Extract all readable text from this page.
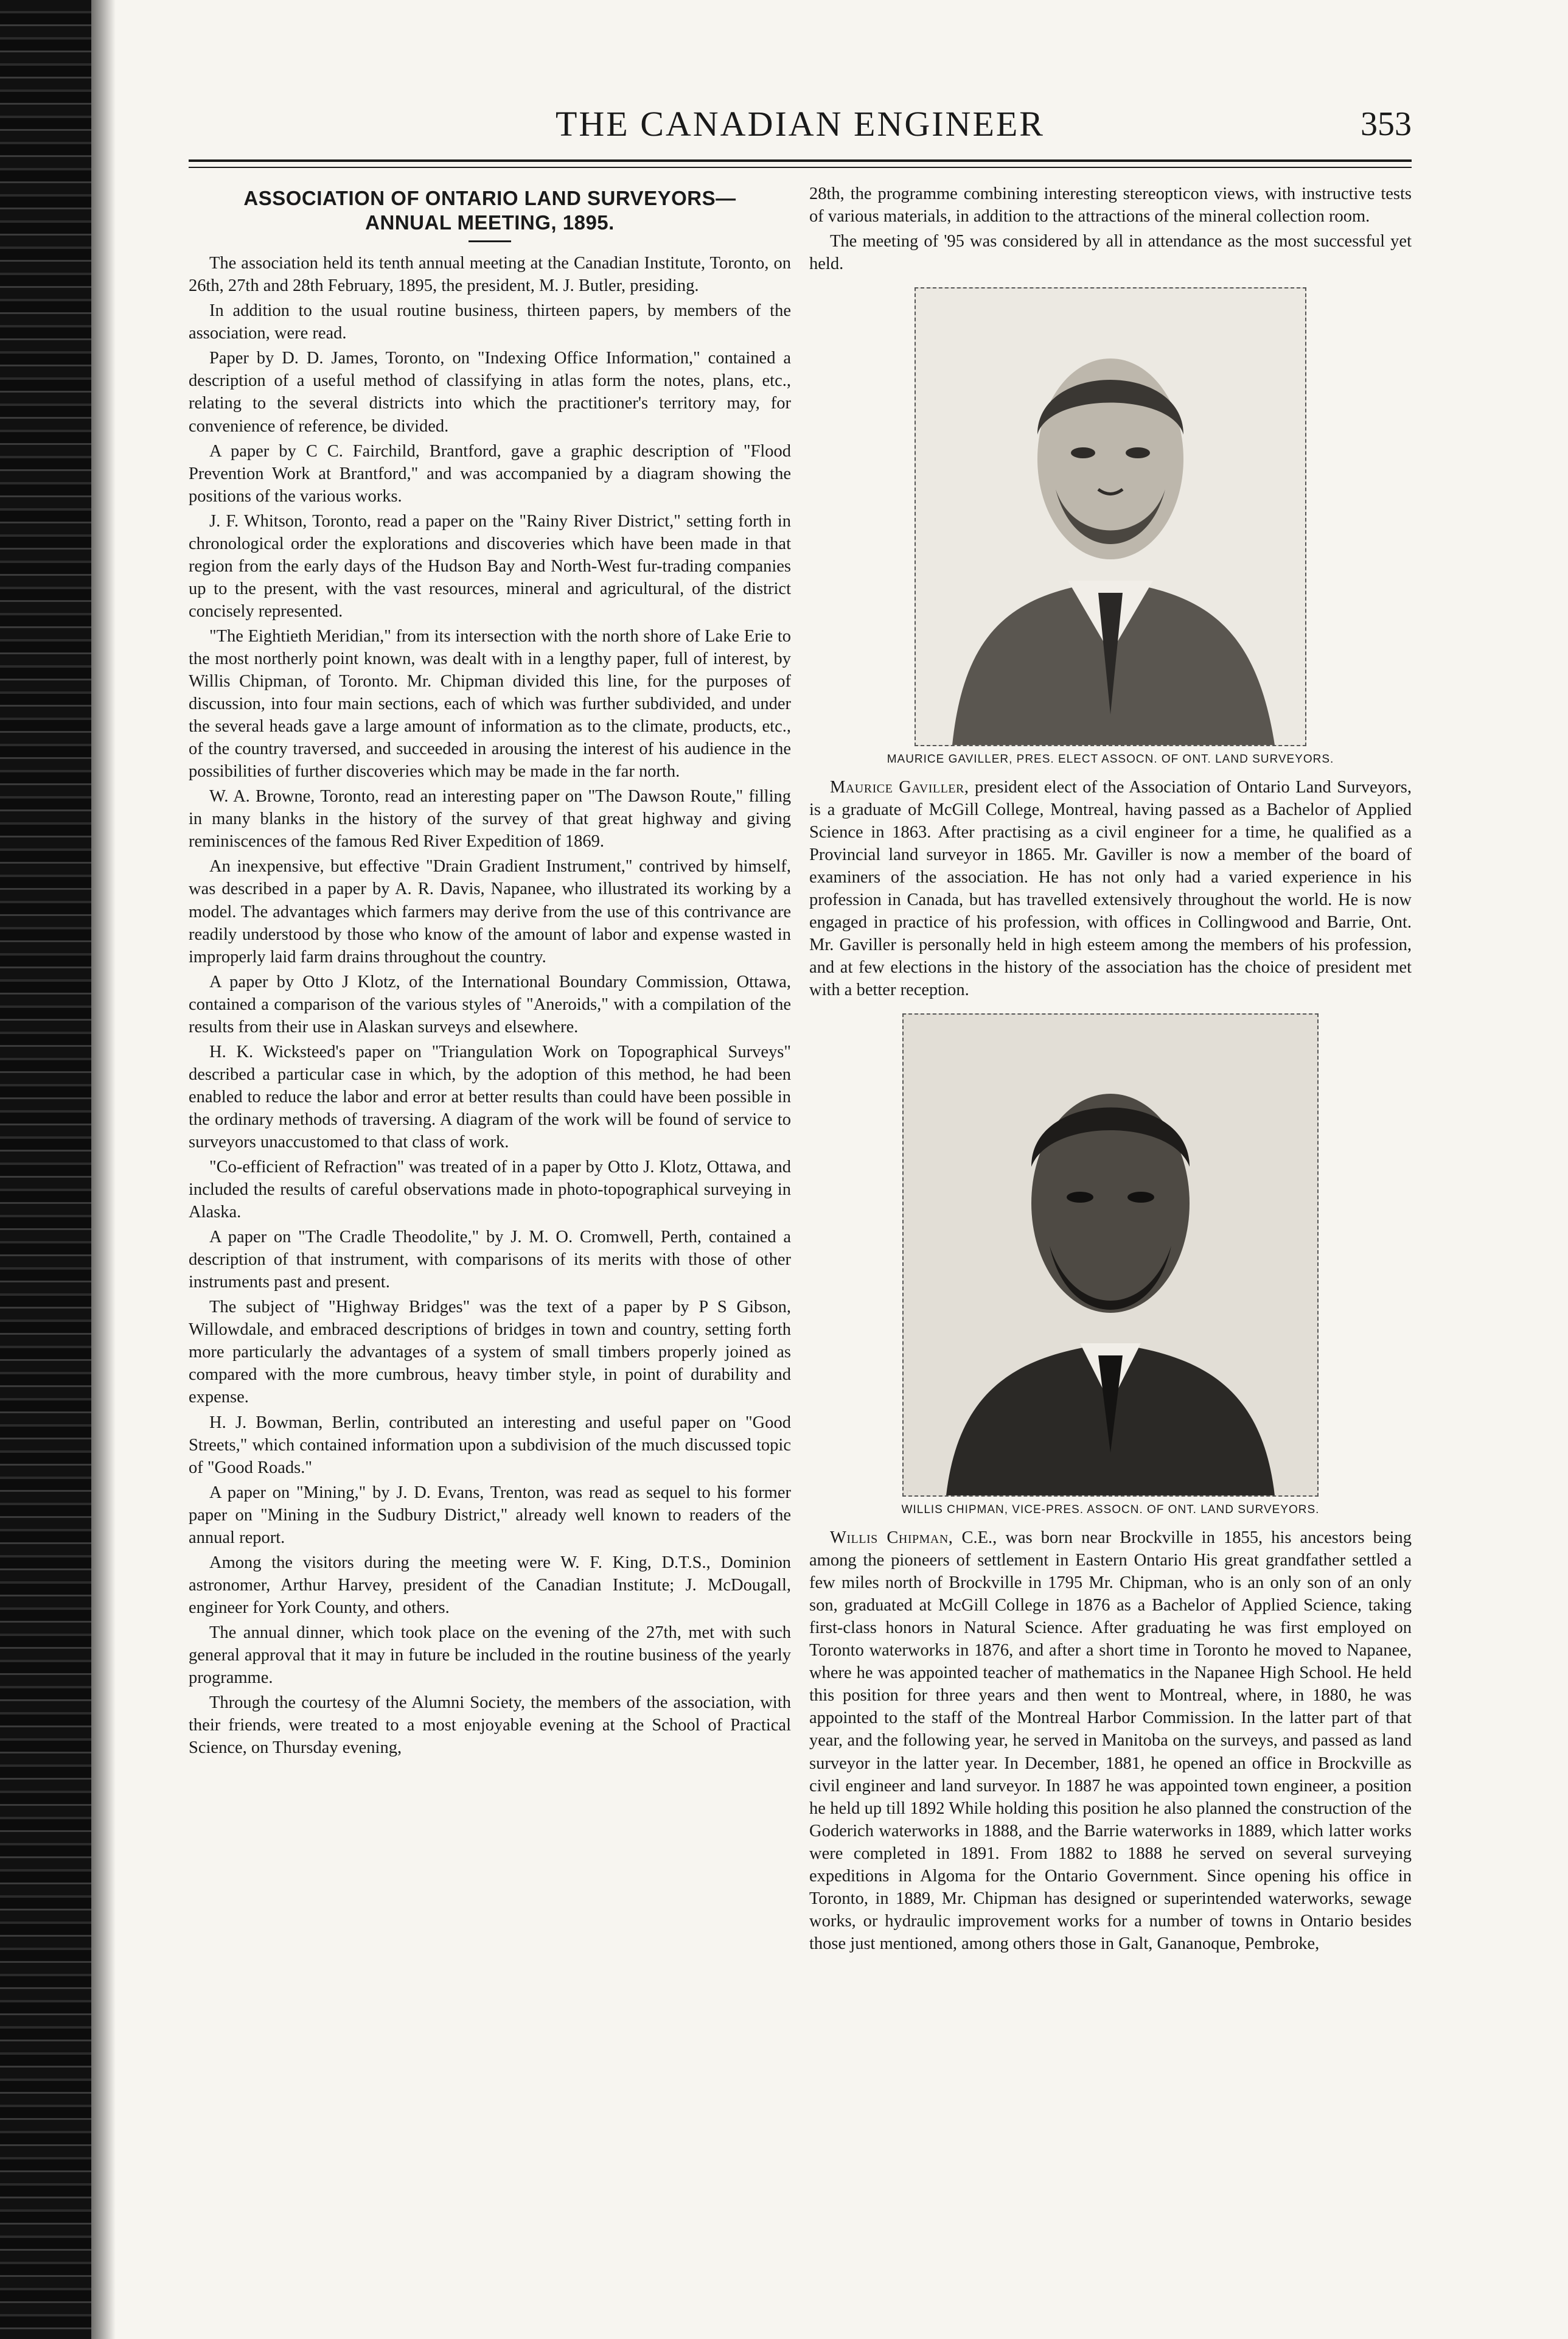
THE CANADIAN ENGINEER	353
ASSOCIATION OF ONTARIO LAND SURVEYORS—
ANNUAL MEETING, 1895.

The association held its tenth annual meeting at the Canadian Institute, Toronto, on 26th, 27th and 28th February, 1895, the president, M. J. Butler, presiding.

In addition to the usual routine business, thirteen papers, by members of the association, were read.

Paper by D. D. James, Toronto, on "Indexing Office Information," contained a description of a useful method of classifying in atlas form the notes, plans, etc., relating to the several districts into which the practitioner's territory may, for convenience of reference, be divided.

A paper by C C. Fairchild, Brantford, gave a graphic description of "Flood Prevention Work at Brantford," and was accompanied by a diagram showing the positions of the various works.

J. F. Whitson, Toronto, read a paper on the "Rainy River District," setting forth in chronological order the explorations and discoveries which have been made in that region from the early days of the Hudson Bay and North-West fur-trading companies up to the present, with the vast resources, mineral and agricultural, of the district concisely represented.

"The Eightieth Meridian," from its intersection with the north shore of Lake Erie to the most northerly point known, was dealt with in a lengthy paper, full of interest, by Willis Chipman, of Toronto. Mr. Chipman divided this line, for the purposes of discussion, into four main sections, each of which was further subdivided, and under the several heads gave a large amount of information as to the climate, products, etc., of the country traversed, and succeeded in arousing the interest of his audience in the possibilities of further discoveries which may be made in the far north.

W. A. Browne, Toronto, read an interesting paper on "The Dawson Route," filling in many blanks in the history of the survey of that great highway and giving reminiscences of the famous Red River Expedition of 1869.

An inexpensive, but effective "Drain Gradient Instrument," contrived by himself, was described in a paper by A. R. Davis, Napanee, who illustrated its working by a model. The advantages which farmers may derive from the use of this contrivance are readily understood by those who know of the amount of labor and expense wasted in improperly laid farm drains throughout the country.

A paper by Otto J Klotz, of the International Boundary Commission, Ottawa, contained a comparison of the various styles of "Aneroids," with a compilation of the results from their use in Alaskan surveys and elsewhere.

H. K. Wicksteed's paper on "Triangulation Work on Topographical Surveys" described a particular case in which, by the adoption of this method, he had been enabled to reduce the labor and error at better results than could have been possible in the ordinary methods of traversing. A diagram of the work will be found of service to surveyors unaccustomed to that class of work.

"Co-efficient of Refraction" was treated of in a paper by Otto J. Klotz, Ottawa, and included the results of careful observations made in photo-topographical surveying in Alaska.

A paper on "The Cradle Theodolite," by J. M. O. Cromwell, Perth, contained a description of that instrument, with comparisons of its merits with those of other instruments past and present.

The subject of "Highway Bridges" was the text of a paper by P S Gibson, Willowdale, and embraced descriptions of bridges in town and country, setting forth more particularly the advantages of a system of small timbers properly joined as compared with the more cumbrous, heavy timber style, in point of durability and expense.

H. J. Bowman, Berlin, contributed an interesting and useful paper on "Good Streets," which contained information upon a subdivision of the much discussed topic of "Good Roads."

A paper on "Mining," by J. D. Evans, Trenton, was read as sequel to his former paper on "Mining in the Sudbury District," already well known to readers of the annual report.

Among the visitors during the meeting were W. F. King, D.T.S., Dominion astronomer, Arthur Harvey, president of the Canadian Institute; J. McDougall, engineer for York County, and others.

The annual dinner, which took place on the evening of the 27th, met with such general approval that it may in future be included in the routine business of the yearly programme.

Through the courtesy of the Alumni Society, the members of the association, with their friends, were treated to a most enjoyable evening at the School of Practical Science, on Thursday evening,

28th, the programme combining interesting stereopticon views, with instructive tests of various materials, in addition to the attractions of the mineral collection room.

The meeting of '95 was considered by all in attendance as the most successful yet held.

MAURICE GAVILLER, PRES. ELECT ASSOCN. OF ONT. LAND SURVEYORS.

Maurice Gaviller, president elect of the Association of Ontario Land Surveyors, is a graduate of McGill College, Montreal, having passed as a Bachelor of Applied Science in 1863. After practising as a civil engineer for a time, he qualified as a Provincial land surveyor in 1865. Mr. Gaviller is now a member of the board of examiners of the association. He has not only had a varied experience in his profession in Canada, but has travelled extensively throughout the world. He is now engaged in practice of his profession, with offices in Collingwood and Barrie, Ont. Mr. Gaviller is personally held in high esteem among the members of his profession, and at few elections in the history of the association has the choice of president met with a better reception.

WILLIS CHIPMAN, VICE-PRES. ASSOCN. OF ONT. LAND SURVEYORS.

Willis Chipman, C.E., was born near Brockville in 1855, his ancestors being among the pioneers of settlement in Eastern Ontario His great grandfather settled a few miles north of Brockville in 1795 Mr. Chipman, who is an only son of an only son, graduated at McGill College in 1876 as a Bachelor of Applied Science, taking first-class honors in Natural Science. After graduating he was first employed on Toronto waterworks in 1876, and after a short time in Toronto he moved to Napanee, where he was appointed teacher of mathematics in the Napanee High School. He held this position for three years and then went to Montreal, where, in 1880, he was appointed to the staff of the Montreal Harbor Commission. In the latter part of that year, and the following year, he served in Manitoba on the surveys, and passed as land surveyor in the latter year. In December, 1881, he opened an office in Brockville as civil engineer and land surveyor. In 1887 he was appointed town engineer, a position he held up till 1892 While holding this position he also planned the construction of the Goderich waterworks in 1888, and the Barrie waterworks in 1889, which latter works were completed in 1891. From 1882 to 1888 he served on several surveying expeditions in Algoma for the Ontario Government. Since opening his office in Toronto, in 1889, Mr. Chipman has designed or superintended waterworks, sewage works, or hydraulic improvement works for a number of towns in Ontario besides those just mentioned, among others those in Galt, Gananoque, Pembroke,
